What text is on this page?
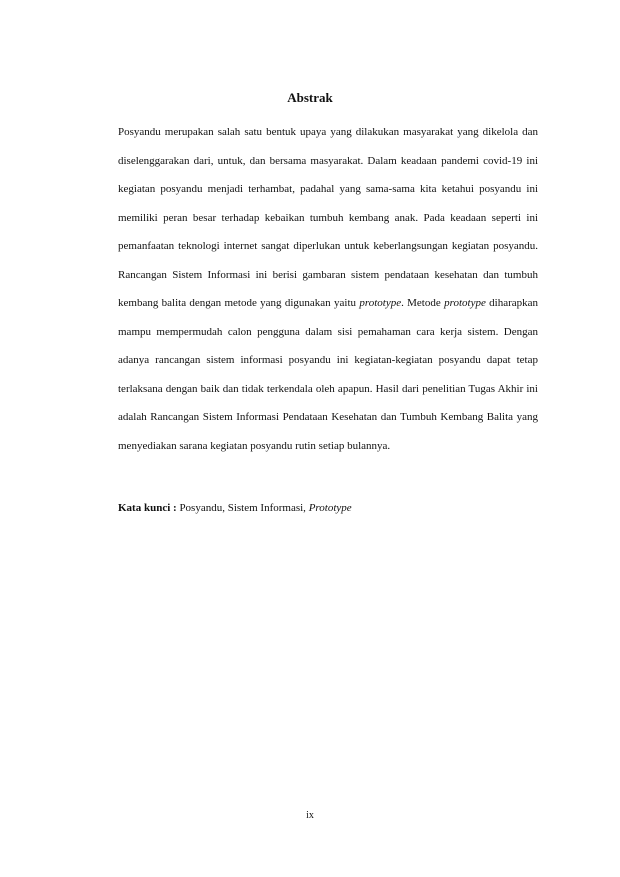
Abstrak

Posyandu merupakan salah satu bentuk upaya yang dilakukan masyarakat yang dikelola dan diselenggarakan dari, untuk, dan bersama masyarakat. Dalam keadaan pandemi covid-19 ini kegiatan posyandu menjadi terhambat, padahal yang sama-sama kita ketahui posyandu ini memiliki peran besar terhadap kebaikan tumbuh kembang anak. Pada keadaan seperti ini pemanfaatan teknologi internet sangat diperlukan untuk keberlangsungan kegiatan posyandu. Rancangan Sistem Informasi ini berisi gambaran sistem pendataan kesehatan dan tumbuh kembang balita dengan metode yang digunakan yaitu prototype. Metode prototype diharapkan mampu mempermudah calon pengguna dalam sisi pemahaman cara kerja sistem. Dengan adanya rancangan sistem informasi posyandu ini kegiatan-kegiatan posyandu dapat tetap terlaksana dengan baik dan tidak terkendala oleh apapun. Hasil dari penelitian Tugas Akhir ini adalah Rancangan Sistem Informasi Pendataan Kesehatan dan Tumbuh Kembang Balita yang menyediakan sarana kegiatan posyandu rutin setiap bulannya.

Kata kunci : Posyandu, Sistem Informasi, Prototype

ix
